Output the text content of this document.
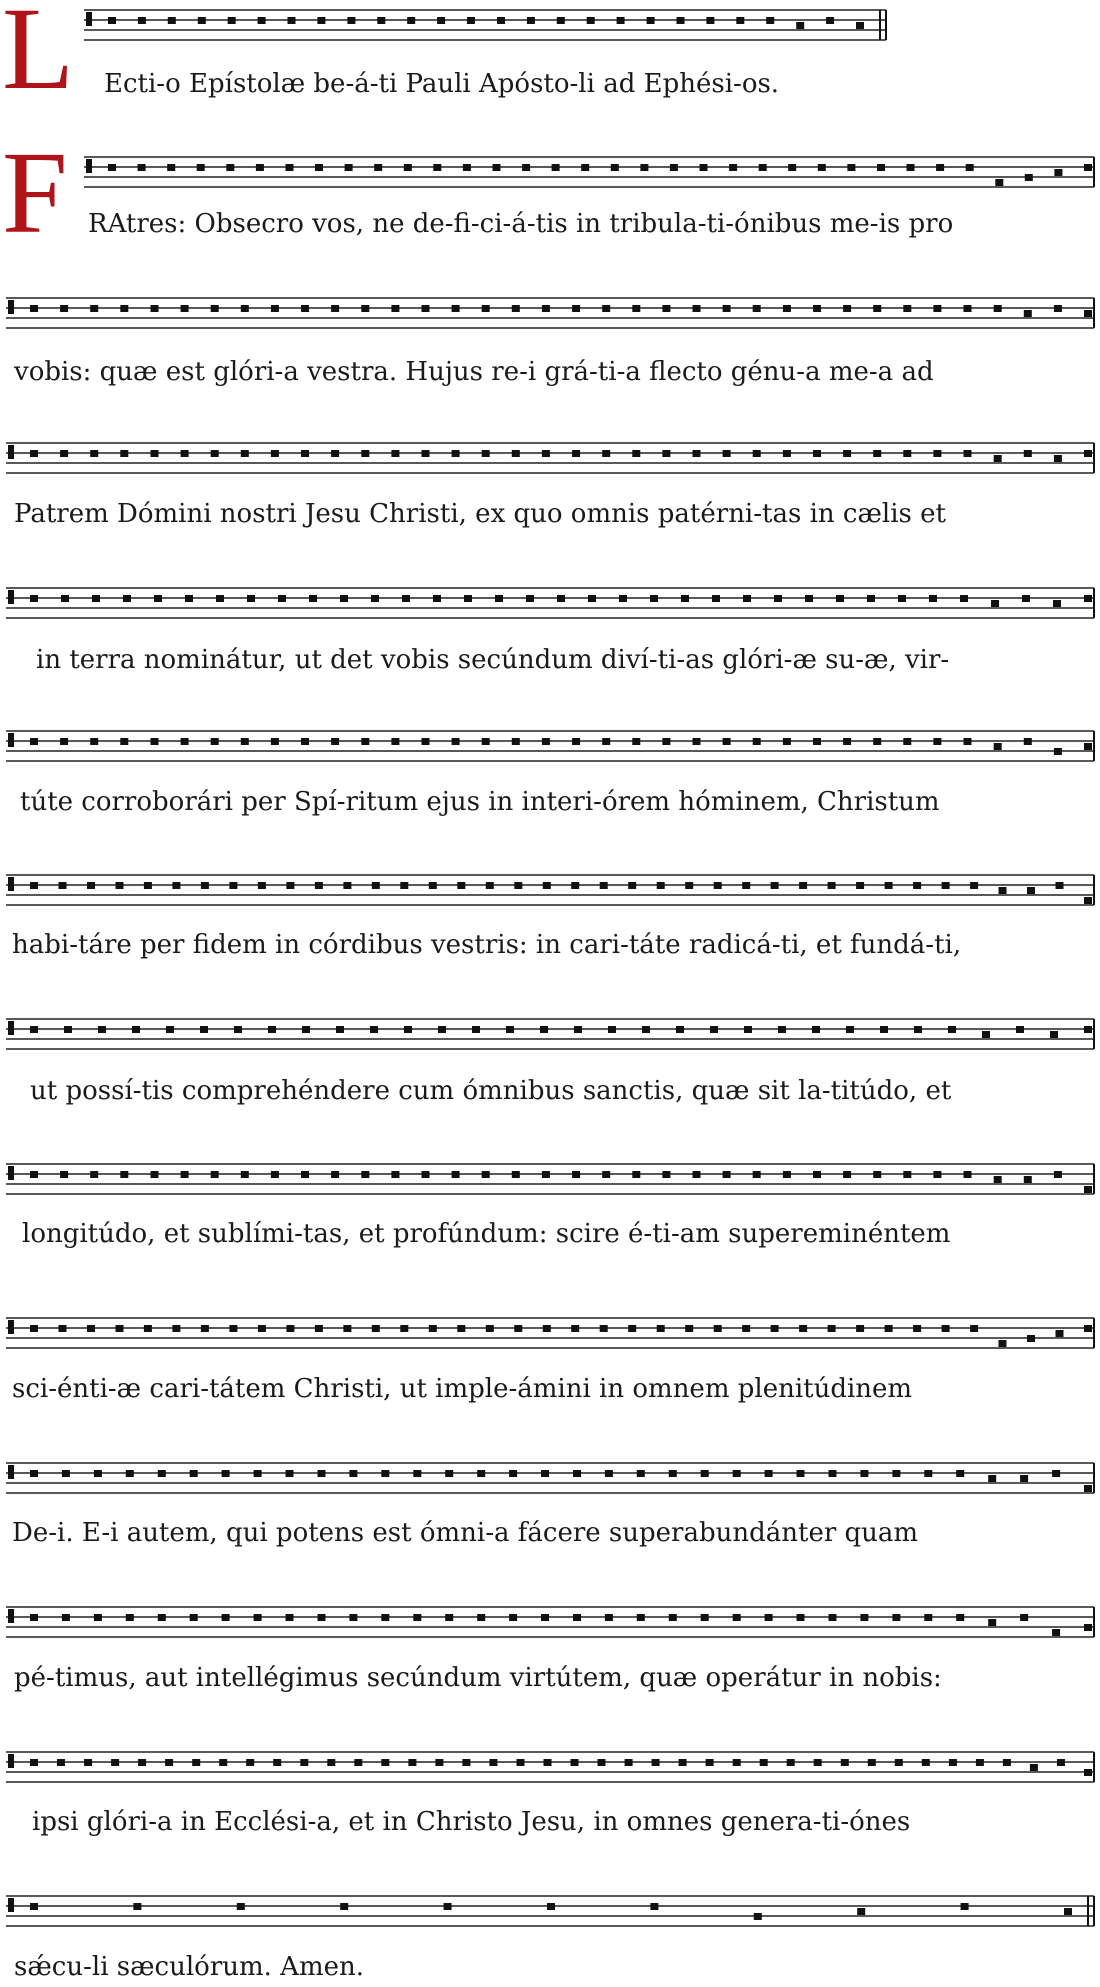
L Ecti-o Epístolæ be-á-ti Pauli Apósto-li ad Ephési-os.
F RAtres: Obsecro vos, ne de-fi-ci-á-tis in tribula-ti-ónibus me-is pro
vobis: quæ est glóri-a vestra. Hujus re-i grá-ti-a flecto génu-a me-a ad
Patrem Dómini nostri Jesu Christi, ex quo omnis patérni-tas in cælis et
in terra nominátur, ut det vobis secúndum diví-ti-as glóri-æ su-æ, vir-
túte corroborári per Spí-ritum ejus in interi-órem hóminem, Christum
habi-táre per fidem in córdibus vestris: in cari-táte radicá-ti, et fundá-ti,
ut possí-tis comprehéndere cum ómnibus sanctis, quæ sit la-titúdo, et
longitúdo, et sublími-tas, et profúndum: scire é-ti-am supereminéntem
sci-énti-æ cari-tátem Christi, ut imple-ámini in omnem plenitúdinem
De-i. E-i autem, qui potens est ómni-a fácere superabundánter quam
pé-timus, aut intellégimus secúndum virtútem, quæ operátur in nobis:
ipsi glóri-a in Ecclési-a, et in Christo Jesu, in omnes genera-ti-ónes
sǽcu-li sæculórum. Amen.
